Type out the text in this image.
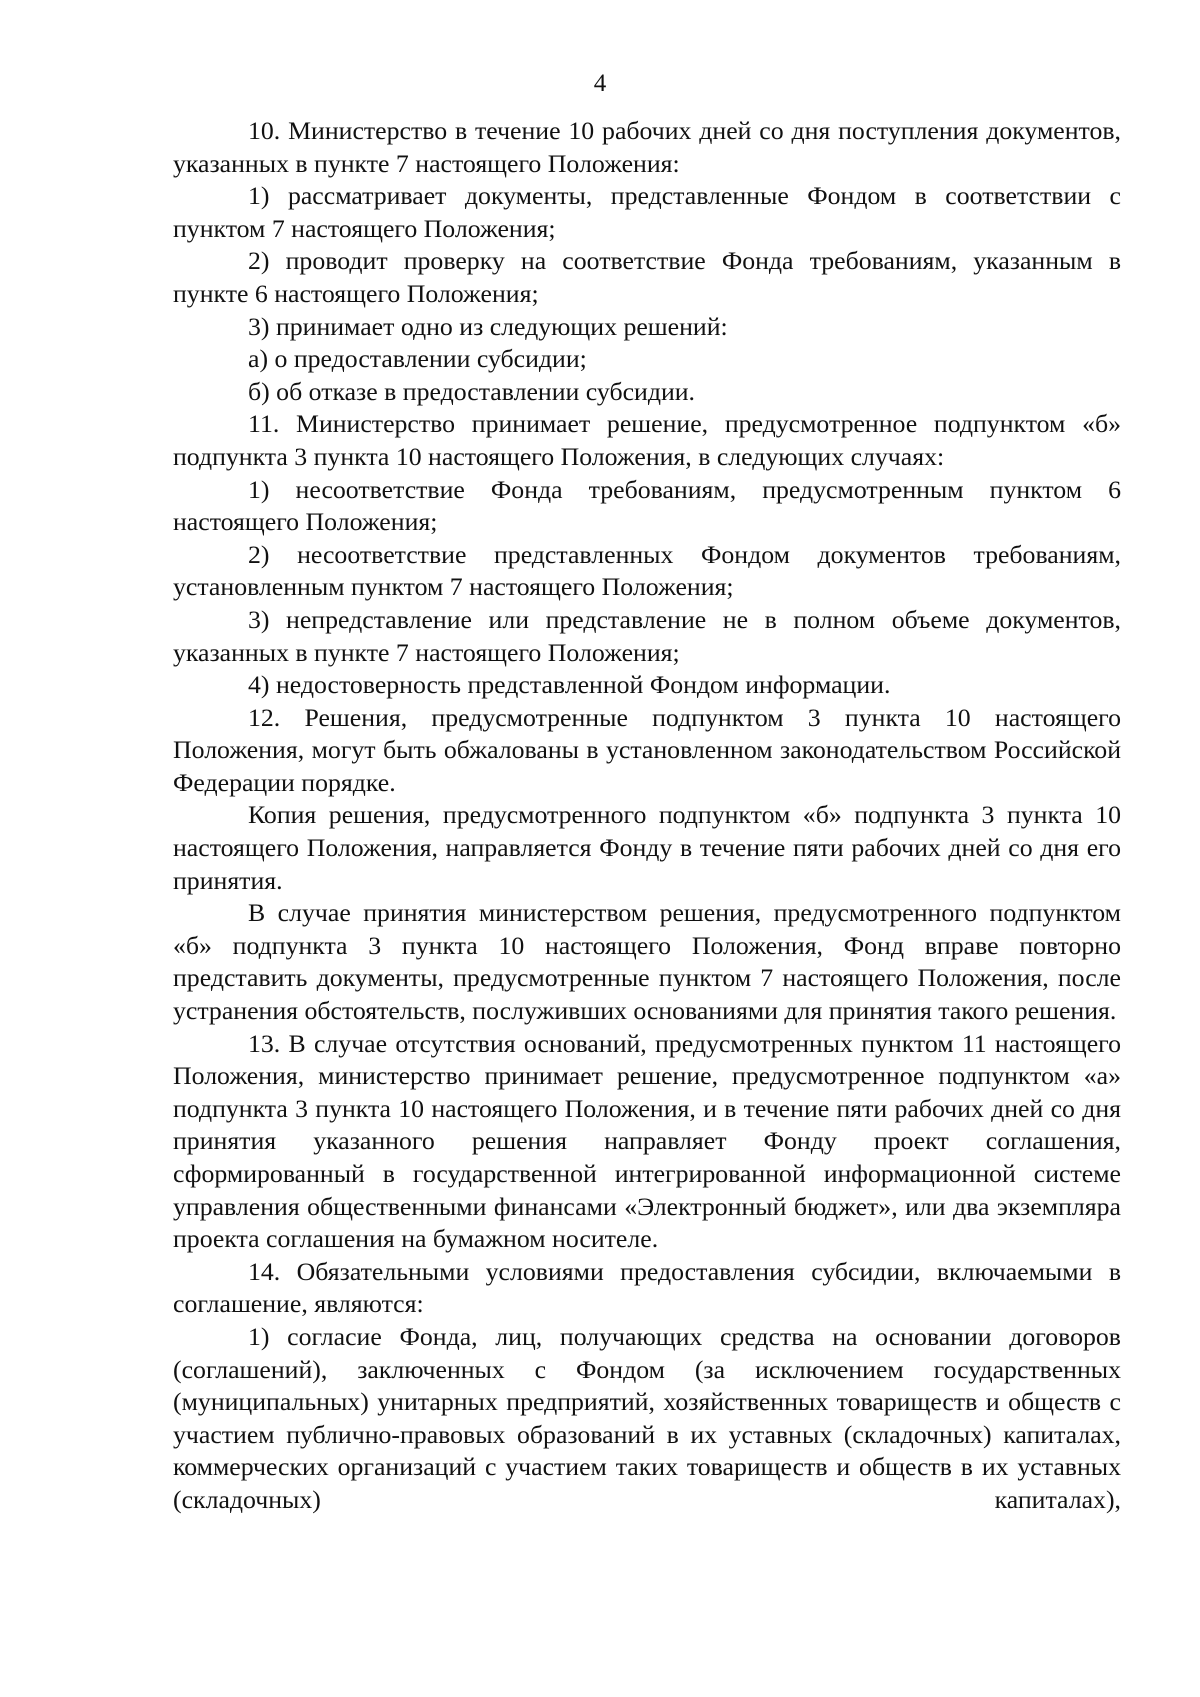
4

10. Министерство в течение 10 рабочих дней со дня поступления документов, указанных в пункте 7 настоящего Положения:

1) рассматривает документы, представленные Фондом в соответствии с пунктом 7 настоящего Положения;

2) проводит проверку на соответствие Фонда требованиям, указанным в пункте 6 настоящего Положения;

3) принимает одно из следующих решений:

а) о предоставлении субсидии;

б) об отказе в предоставлении субсидии.

11. Министерство принимает решение, предусмотренное подпунктом «б» подпункта 3 пункта 10 настоящего Положения, в следующих случаях:

1) несоответствие Фонда требованиям, предусмотренным пунктом 6 настоящего Положения;

2) несоответствие представленных Фондом документов требованиям, установленным пунктом 7 настоящего Положения;

3) непредставление или представление не в полном объеме документов, указанных в пункте 7 настоящего Положения;

4) недостоверность представленной Фондом информации.

12. Решения, предусмотренные подпунктом 3 пункта 10 настоящего Положения, могут быть обжалованы в установленном законодательством Российской Федерации порядке.

Копия решения, предусмотренного подпунктом «б» подпункта 3 пункта 10 настоящего Положения, направляется Фонду в течение пяти рабочих дней со дня его принятия.

В случае принятия министерством решения, предусмотренного подпунктом «б» подпункта 3 пункта 10 настоящего Положения, Фонд вправе повторно представить документы, предусмотренные пунктом 7 настоящего Положения, после устранения обстоятельств, послуживших основаниями для принятия такого решения.

13. В случае отсутствия оснований, предусмотренных пунктом 11 настоящего Положения, министерство принимает решение, предусмотренное подпунктом «а» подпункта 3 пункта 10 настоящего Положения, и в течение пяти рабочих дней со дня принятия указанного решения направляет Фонду проект соглашения, сформированный в государственной интегрированной информационной системе управления общественными финансами «Электронный бюджет», или два экземпляра проекта соглашения на бумажном носителе.

14. Обязательными условиями предоставления субсидии, включаемыми в соглашение, являются:

1) согласие Фонда, лиц, получающих средства на основании договоров (соглашений), заключенных с Фондом (за исключением государственных (муниципальных) унитарных предприятий, хозяйственных товариществ и обществ с участием публично-правовых образований в их уставных (складочных) капиталах, коммерческих организаций с участием таких товариществ и обществ в их уставных (складочных) капиталах),
